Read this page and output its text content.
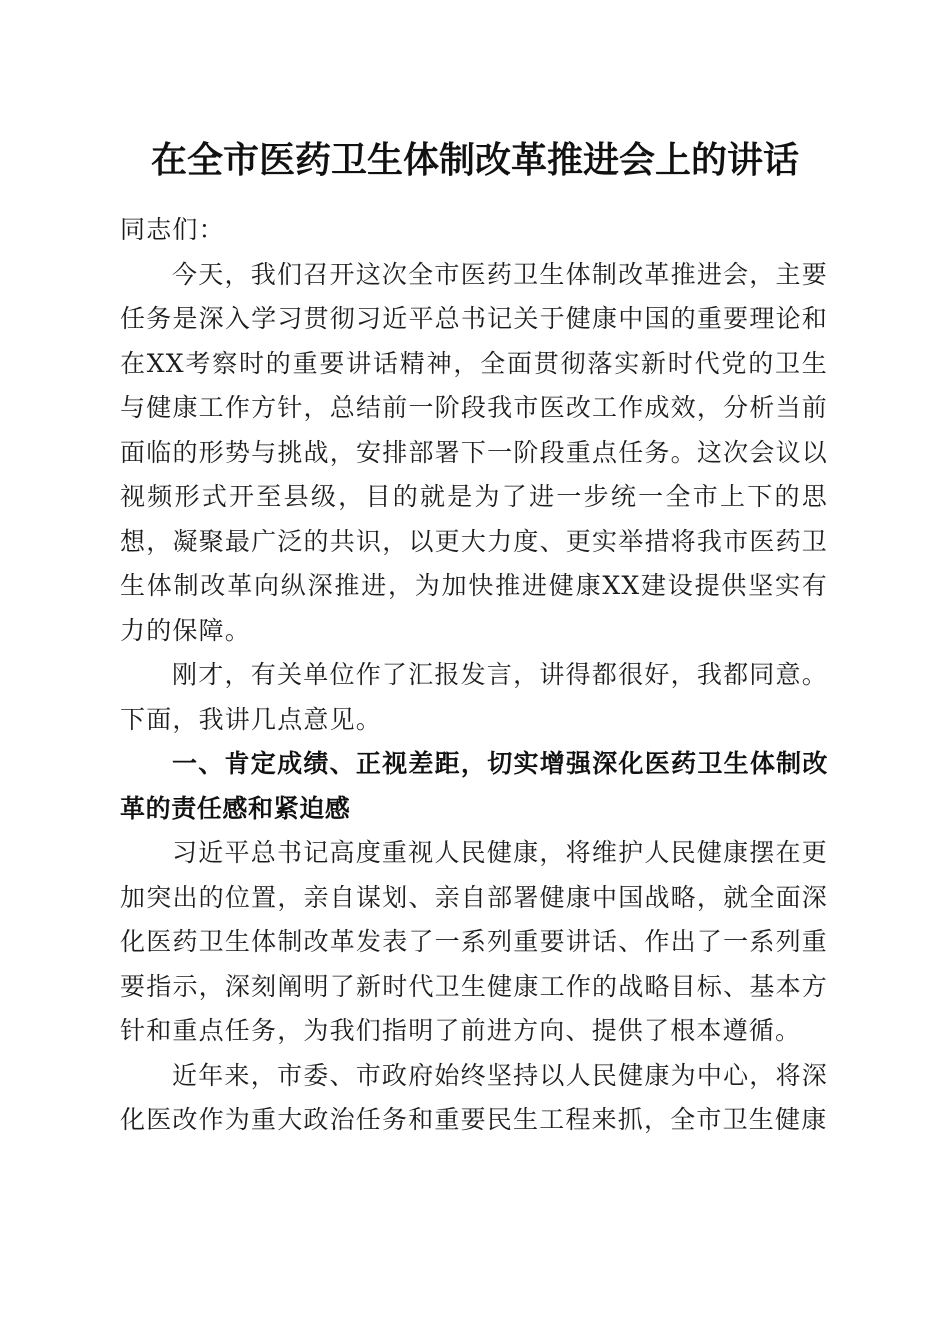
在全市医药卫生体制改革推进会上的讲话

同志们：

今天，我们召开这次全市医药卫生体制改革推进会，主要任务是深入学习贯彻习近平总书记关于健康中国的重要理论和在XX考察时的重要讲话精神，全面贯彻落实新时代党的卫生与健康工作方针，总结前一阶段我市医改工作成效，分析当前面临的形势与挑战，安排部署下一阶段重点任务。这次会议以视频形式开至县级，目的就是为了进一步统一全市上下的思想，凝聚最广泛的共识，以更大力度、更实举措将我市医药卫生体制改革向纵深推进，为加快推进健康XX建设提供坚实有力的保障。

刚才，有关单位作了汇报发言，讲得都很好，我都同意。下面，我讲几点意见。

一、肯定成绩、正视差距，切实增强深化医药卫生体制改革的责任感和紧迫感

习近平总书记高度重视人民健康，将维护人民健康摆在更加突出的位置，亲自谋划、亲自部署健康中国战略，就全面深化医药卫生体制改革发表了一系列重要讲话、作出了一系列重要指示，深刻阐明了新时代卫生健康工作的战略目标、基本方针和重点任务，为我们指明了前进方向、提供了根本遵循。

近年来，市委、市政府始终坚持以人民健康为中心，将深化医改作为重大政治任务和重要民生工程来抓，全市卫生健康
